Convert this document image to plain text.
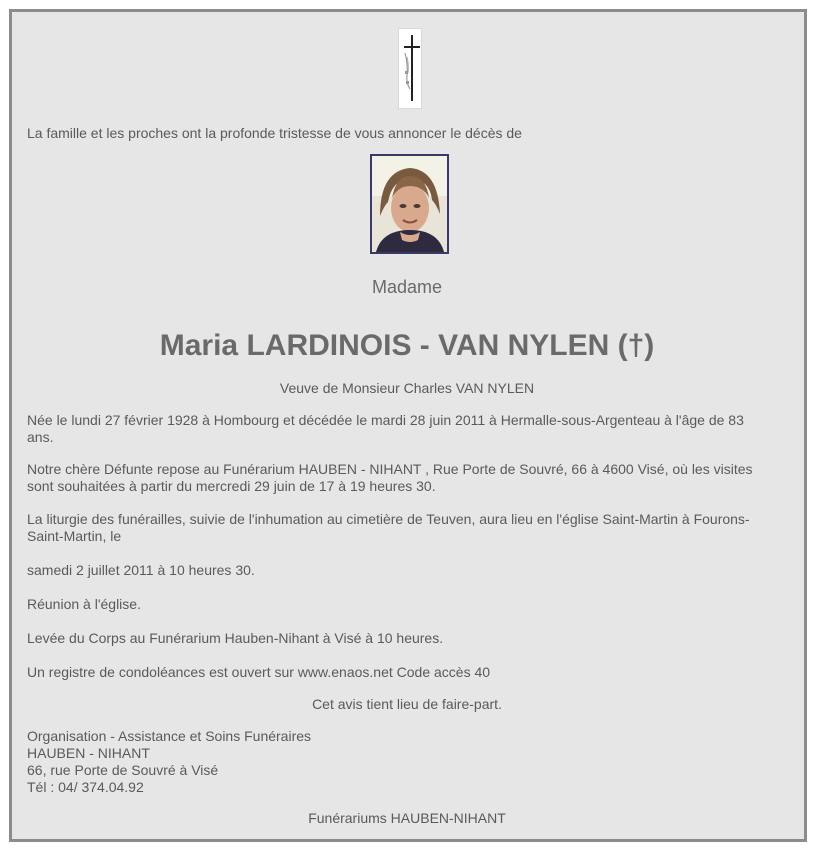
La famille et les proches ont la profonde tristesse de vous annoncer le décès de

Madame

Maria LARDINOIS - VAN NYLEN (†)

Veuve de Monsieur Charles VAN NYLEN

Née le lundi 27 février 1928 à Hombourg et décédée le mardi 28 juin 2011 à Hermalle-sous-Argenteau à l'âge de 83

ans.

Notre chère Défunte repose au Funérarium HAUBEN - NIHANT , Rue Porte de Souvré, 66 à 4600 Visé, où les visites

sont souhaitées à partir du mercredi 29 juin de 17 à 19 heures 30.

La liturgie des funérailles, suivie de l'inhumation au cimetière de Teuven, aura lieu en l'église Saint-Martin à Fourons-

Saint-Martin, le

samedi 2 juillet 2011 à 10 heures 30.

Réunion à l'église.

Levée du Corps au Funérarium Hauben-Nihant à Visé à 10 heures.

Un registre de condoléances est ouvert sur www.enaos.net Code accès 40

Cet avis tient lieu de faire-part.

Organisation - Assistance et Soins Funéraires

HAUBEN - NIHANT

66, rue Porte de Souvré à Visé

Tél : 04/ 374.04.92

Funérariums HAUBEN-NIHANT
